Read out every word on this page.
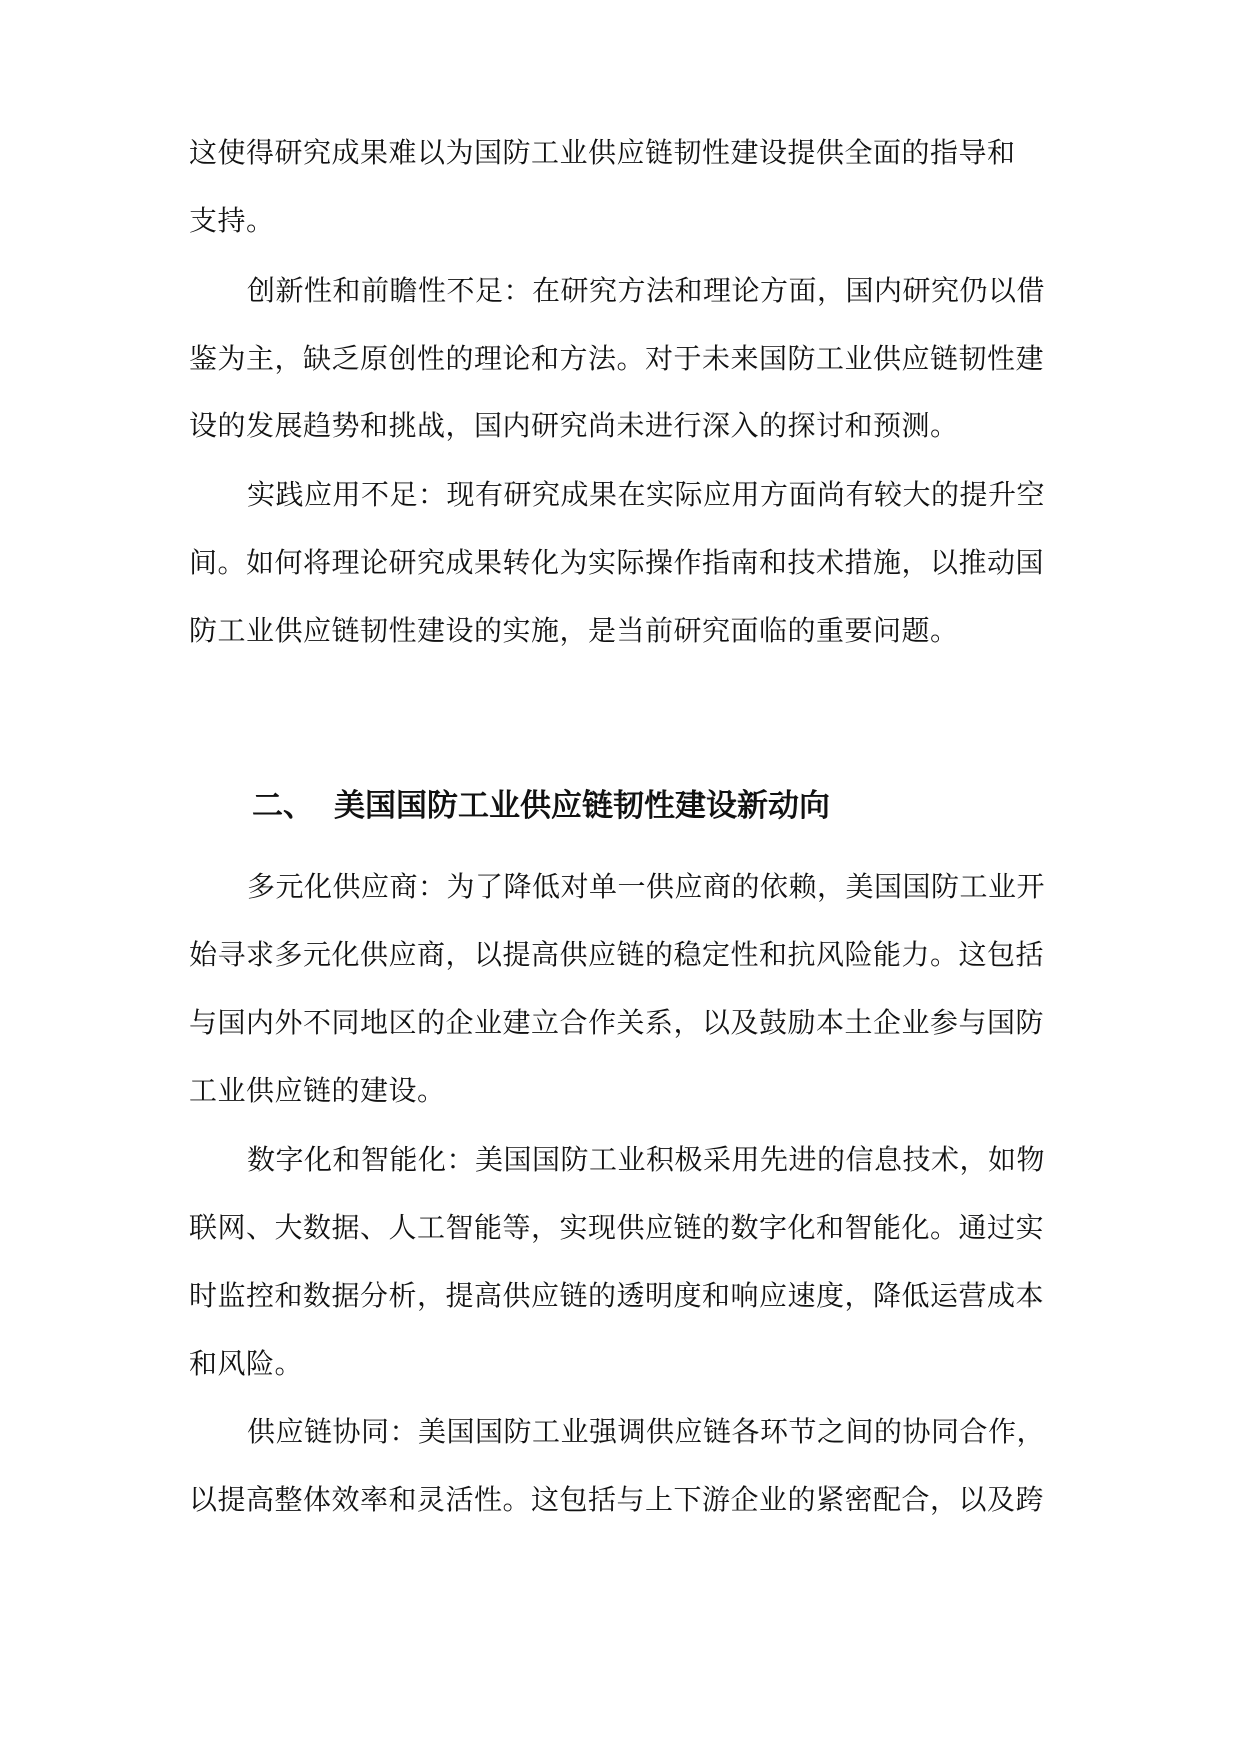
这使得研究成果难以为国防工业供应链韧性建设提供全面的指导和
支持。
创新性和前瞻性不足：在研究方法和理论方面，国内研究仍以借
鉴为主，缺乏原创性的理论和方法。对于未来国防工业供应链韧性建
设的发展趋势和挑战，国内研究尚未进行深入的探讨和预测。
实践应用不足：现有研究成果在实际应用方面尚有较大的提升空
间。如何将理论研究成果转化为实际操作指南和技术措施，以推动国
防工业供应链韧性建设的实施，是当前研究面临的重要问题。
二、 美国国防工业供应链韧性建设新动向
多元化供应商：为了降低对单一供应商的依赖，美国国防工业开
始寻求多元化供应商，以提高供应链的稳定性和抗风险能力。这包括
与国内外不同地区的企业建立合作关系，以及鼓励本土企业参与国防
工业供应链的建设。
数字化和智能化：美国国防工业积极采用先进的信息技术，如物
联网、大数据、人工智能等，实现供应链的数字化和智能化。通过实
时监控和数据分析，提高供应链的透明度和响应速度，降低运营成本
和风险。
供应链协同：美国国防工业强调供应链各环节之间的协同合作，
以提高整体效率和灵活性。这包括与上下游企业的紧密配合，以及跨
